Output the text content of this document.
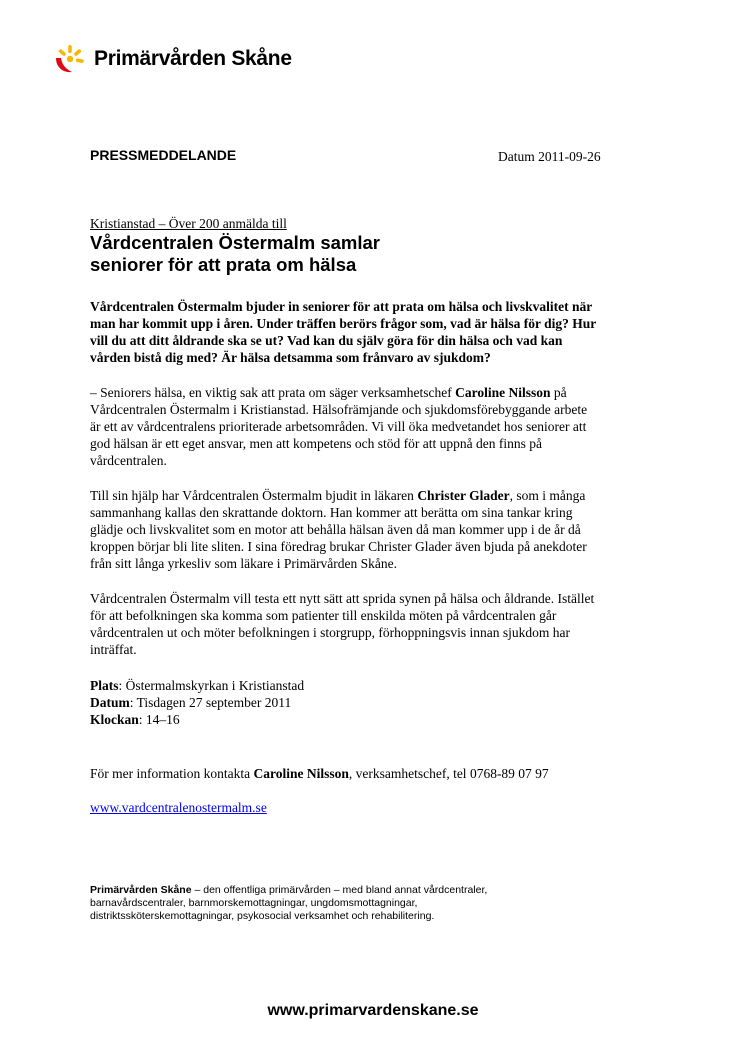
Primärvården Skåne
PRESSMEDDELANDE	Datum 2011-09-26
Kristianstad – Över 200 anmälda till
Vårdcentralen Östermalm samlar
seniorer för att prata om hälsa
Vårdcentralen Östermalm bjuder in seniorer för att prata om hälsa och livskvalitet när
man har kommit upp i åren. Under träffen berörs frågor som, vad är hälsa för dig? Hur
vill du att ditt åldrande ska se ut? Vad kan du själv göra för din hälsa och vad kan
vården bistå dig med? Är hälsa detsamma som frånvaro av sjukdom?
– Seniorers hälsa, en viktig sak att prata om säger verksamhetschef Caroline Nilsson på
Vårdcentralen Östermalm i Kristianstad. Hälsofrämjande och sjukdomsförebyggande arbete
är ett av vårdcentralens prioriterade arbetsområden. Vi vill öka medvetandet hos seniorer att
god hälsan är ett eget ansvar, men att kompetens och stöd för att uppnå den finns på
vårdcentralen.
Till sin hjälp har Vårdcentralen Östermalm bjudit in läkaren Christer Glader, som i många
sammanhang kallas den skrattande doktorn. Han kommer att berätta om sina tankar kring
glädje och livskvalitet som en motor att behålla hälsan även då man kommer upp i de år då
kroppen börjar bli lite sliten. I sina föredrag brukar Christer Glader även bjuda på anekdoter
från sitt långa yrkesliv som läkare i Primärvården Skåne.
Vårdcentralen Östermalm vill testa ett nytt sätt att sprida synen på hälsa och åldrande. Istället
för att befolkningen ska komma som patienter till enskilda möten på vårdcentralen går
vårdcentralen ut och möter befolkningen i storgrupp, förhoppningsvis innan sjukdom har
inträffat.
Plats: Östermalmskyrkan i Kristianstad
Datum: Tisdagen 27 september 2011
Klockan: 14–16
För mer information kontakta Caroline Nilsson, verksamhetschef, tel 0768-89 07 97
www.vardcentralenostermalm.se
Primärvården Skåne – den offentliga primärvården – med bland annat vårdcentraler,
barnavårdscentraler, barnmorskemottagningar, ungdomsmottagningar,
distriktssköterskemottagningar, psykosocial verksamhet och rehabilitering.
www.primarvardenskane.se
